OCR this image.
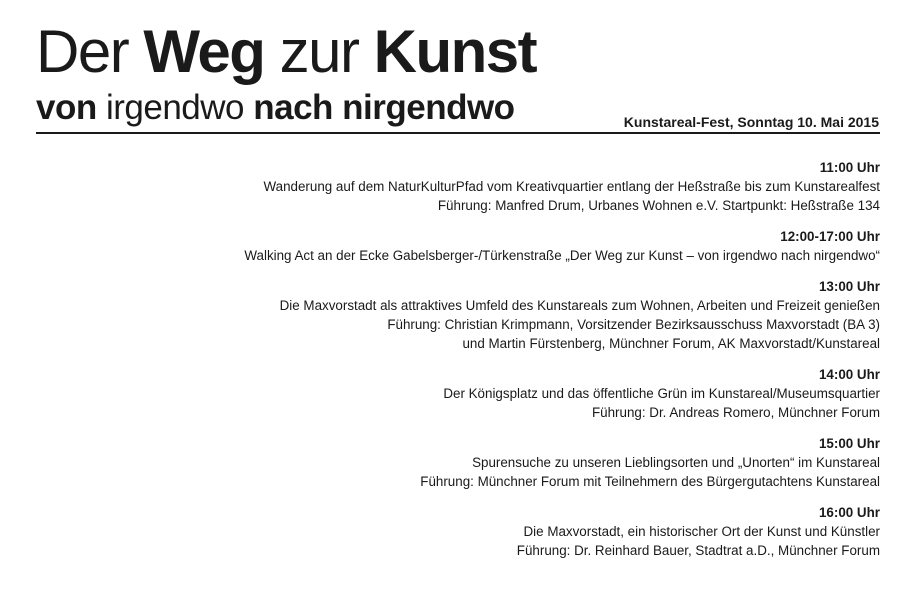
Der Weg zur Kunst
von irgendwo nach nirgendwo	Kunstareal-Fest, Sonntag 10. Mai 2015
11:00 Uhr
Wanderung auf dem NaturKulturPfad vom Kreativquartier entlang der Heßstraße bis zum Kunstarealfest
Führung: Manfred Drum, Urbanes Wohnen e.V. Startpunkt: Heßstraße 134
12:00-17:00 Uhr
Walking Act an der Ecke Gabelsberger-/Türkenstraße „Der Weg zur Kunst – von irgendwo nach nirgendwo“
13:00 Uhr
Die Maxvorstadt als attraktives Umfeld des Kunstareals zum Wohnen, Arbeiten und Freizeit genießen
Führung: Christian Krimpmann, Vorsitzender Bezirksausschuss Maxvorstadt (BA 3)
und Martin Fürstenberg, Münchner Forum, AK Maxvorstadt/Kunstareal
14:00 Uhr
Der Königsplatz und das öffentliche Grün im Kunstareal/Museumsquartier
Führung: Dr. Andreas Romero, Münchner Forum
15:00 Uhr
Spurensuche zu unseren Lieblingsorten und „Unorten“ im Kunstareal
Führung: Münchner Forum mit Teilnehmern des Bürgergutachtens Kunstareal
16:00 Uhr
Die Maxvorstadt, ein historischer Ort der Kunst und Künstler
Führung: Dr. Reinhard Bauer, Stadtrat a.D., Münchner Forum
